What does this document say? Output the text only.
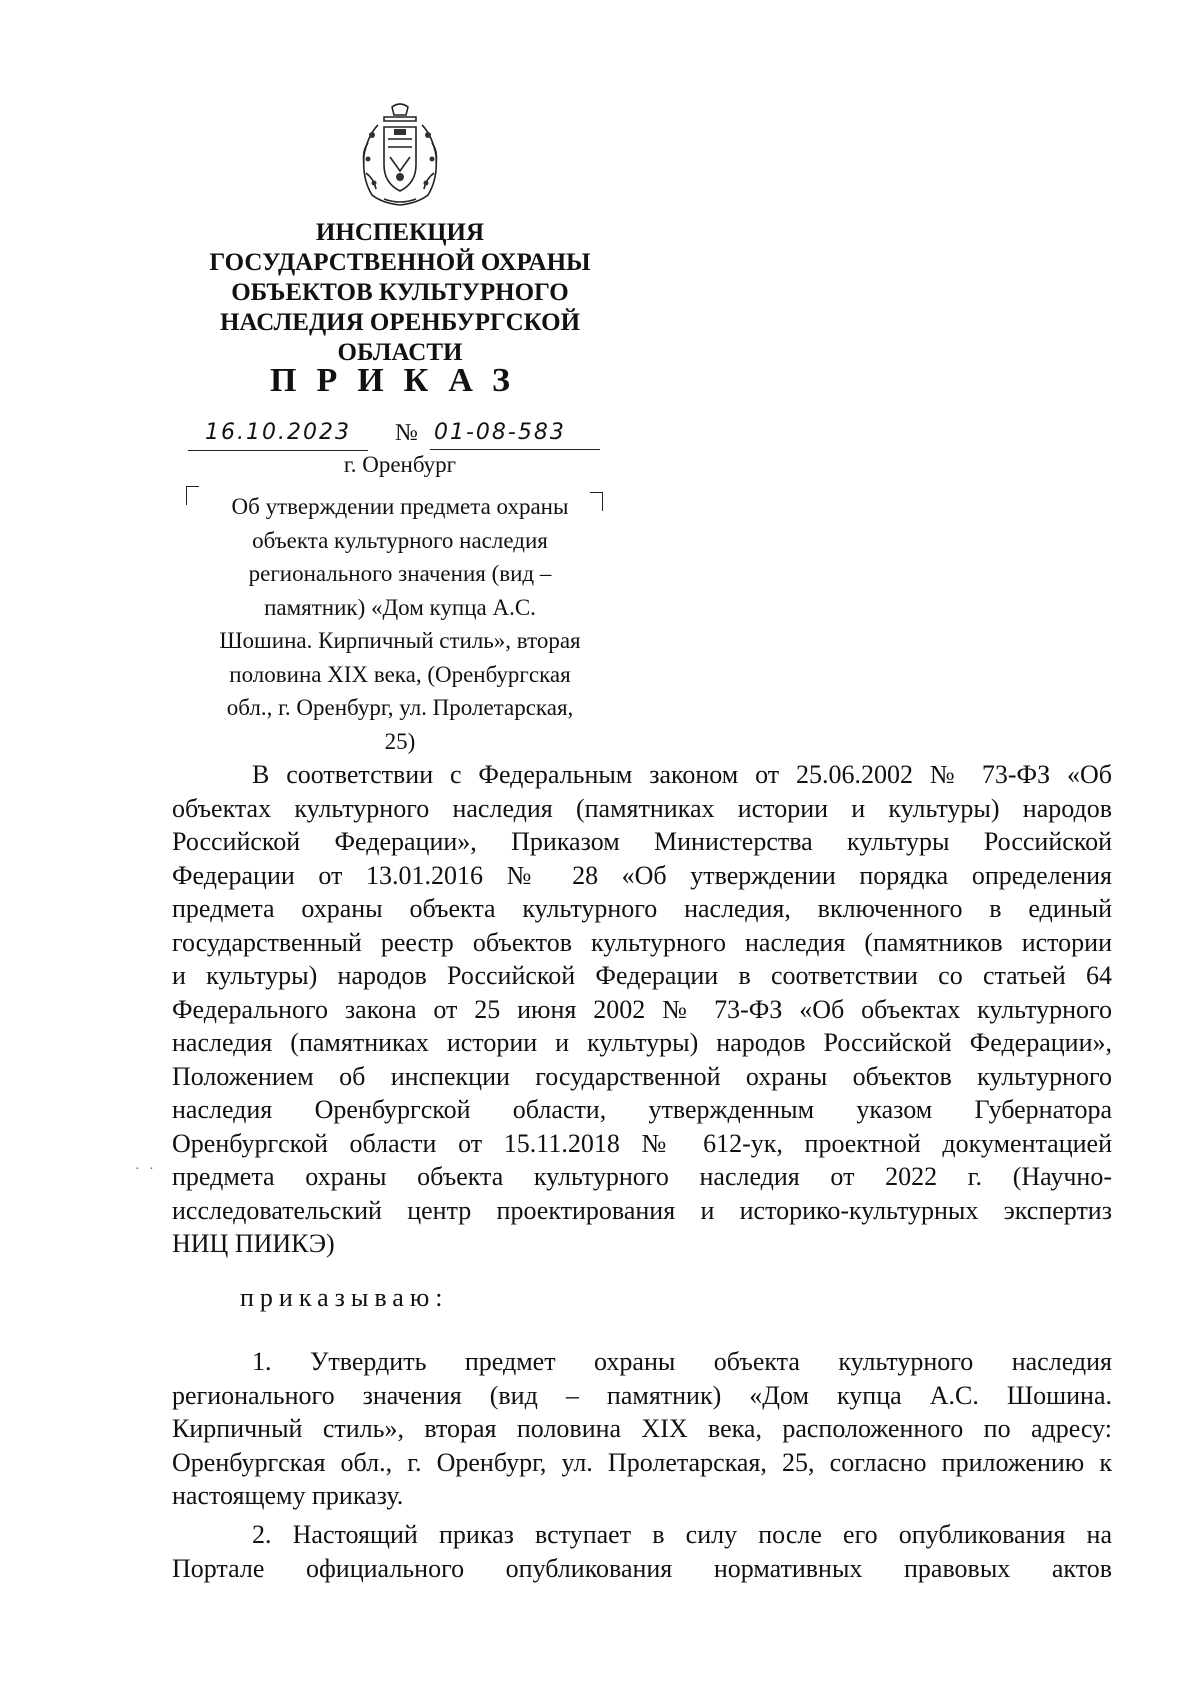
ИНСПЕКЦИЯ
ГОСУДАРСТВЕННОЙ ОХРАНЫ
ОБЪЕКТОВ КУЛЬТУРНОГО
НАСЛЕДИЯ ОРЕНБУРГСКОЙ
ОБЛАСТИ
ПРИКАЗ
16.10.2023	№ 01-08-583
г. Оренбург
Об утверждении предмета охраны
объекта культурного наследия
регионального значения (вид –
памятник) «Дом купца А.С.
Шошина. Кирпичный стиль», вторая
половина XIX века, (Оренбургская
обл., г. Оренбург, ул. Пролетарская,
25)
В соответствии с Федеральным законом от 25.06.2002 № 73-ФЗ «Об
объектах культурного наследия (памятниках истории и культуры) народов
Российской Федерации», Приказом Министерства культуры Российской
Федерации от 13.01.2016 № 28 «Об утверждении порядка определения
предмета охраны объекта культурного наследия, включенного в единый
государственный реестр объектов культурного наследия (памятников истории
и культуры) народов Российской Федерации в соответствии со статьей 64
Федерального закона от 25 июня 2002 № 73-ФЗ «Об объектах культурного
наследия (памятниках истории и культуры) народов Российской Федерации»,
Положением об инспекции государственной охраны объектов культурного
наследия Оренбургской области, утвержденным указом Губернатора
Оренбургской области от 15.11.2018 № 612-ук, проектной документацией
предмета охраны объекта культурного наследия от 2022 г. (Научно-
исследовательский центр проектирования и историко-культурных экспертиз
НИЦ ПИИКЭ)
· ·
приказываю:
1. Утвердить предмет охраны объекта культурного наследия
регионального значения (вид – памятник) «Дом купца А.С. Шошина.
Кирпичный стиль», вторая половина XIX века, расположенного по адресу:
Оренбургская обл., г. Оренбург, ул. Пролетарская, 25, согласно приложению к
настоящему приказу.
2. Настоящий приказ вступает в силу после его опубликования на
Портале официального опубликования нормативных правовых актов
